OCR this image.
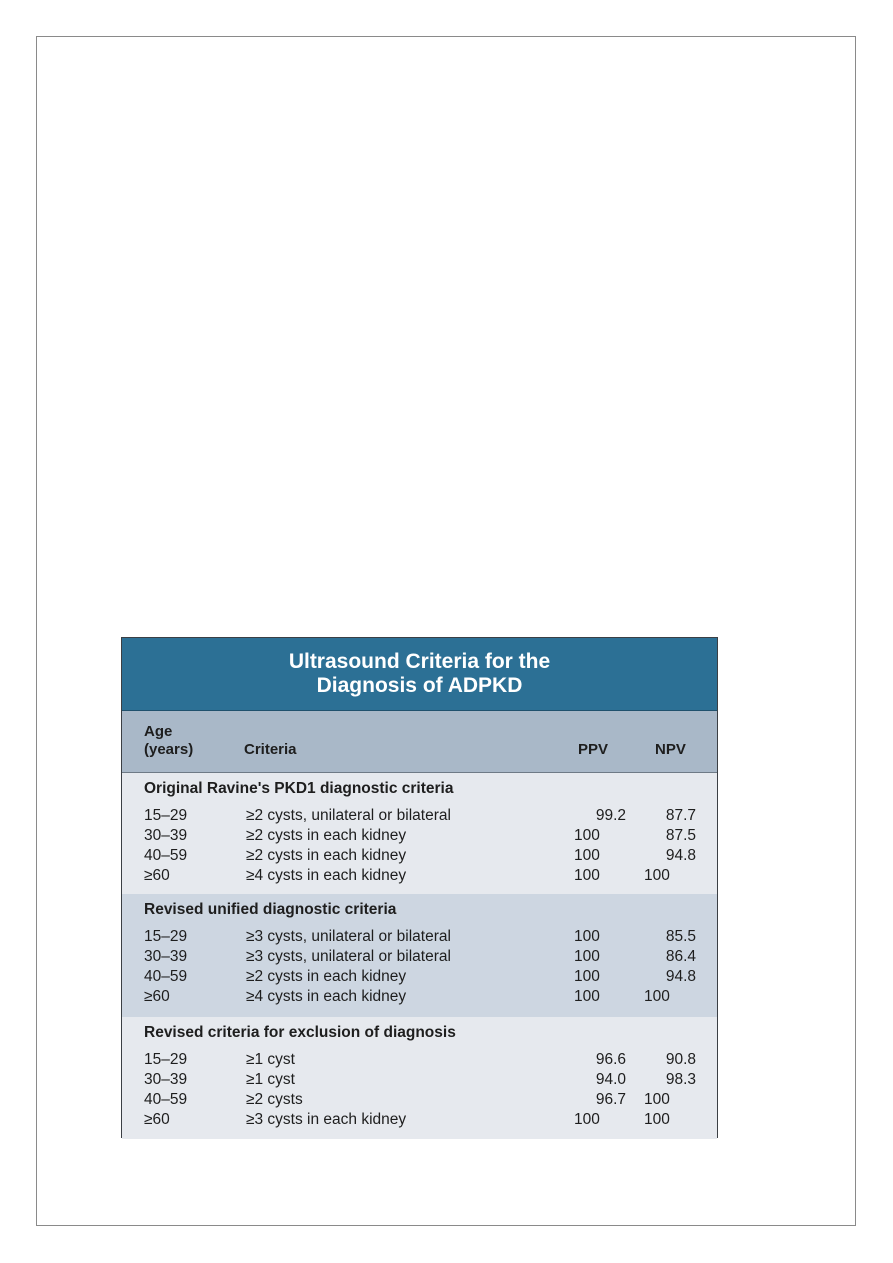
Ultrasound Criteria for the
Diagnosis of ADPKD
Age
(years)	Criteria	PPV	NPV
Original Ravine's PKD1 diagnostic criteria
15–29	≥2 cysts, unilateral or bilateral	99.2	87.7
30–39	≥2 cysts in each kidney	100	87.5
40–59	≥2 cysts in each kidney	100	94.8
≥60	≥4 cysts in each kidney	100	100
Revised unified diagnostic criteria
15–29	≥3 cysts, unilateral or bilateral	100	85.5
30–39	≥3 cysts, unilateral or bilateral	100	86.4
40–59	≥2 cysts in each kidney	100	94.8
≥60	≥4 cysts in each kidney	100	100
Revised criteria for exclusion of diagnosis
15–29	≥1 cyst	96.6	90.8
30–39	≥1 cyst	94.0	98.3
40–59	≥2 cysts	96.7 100
≥60	≥3 cysts in each kidney	100	100
